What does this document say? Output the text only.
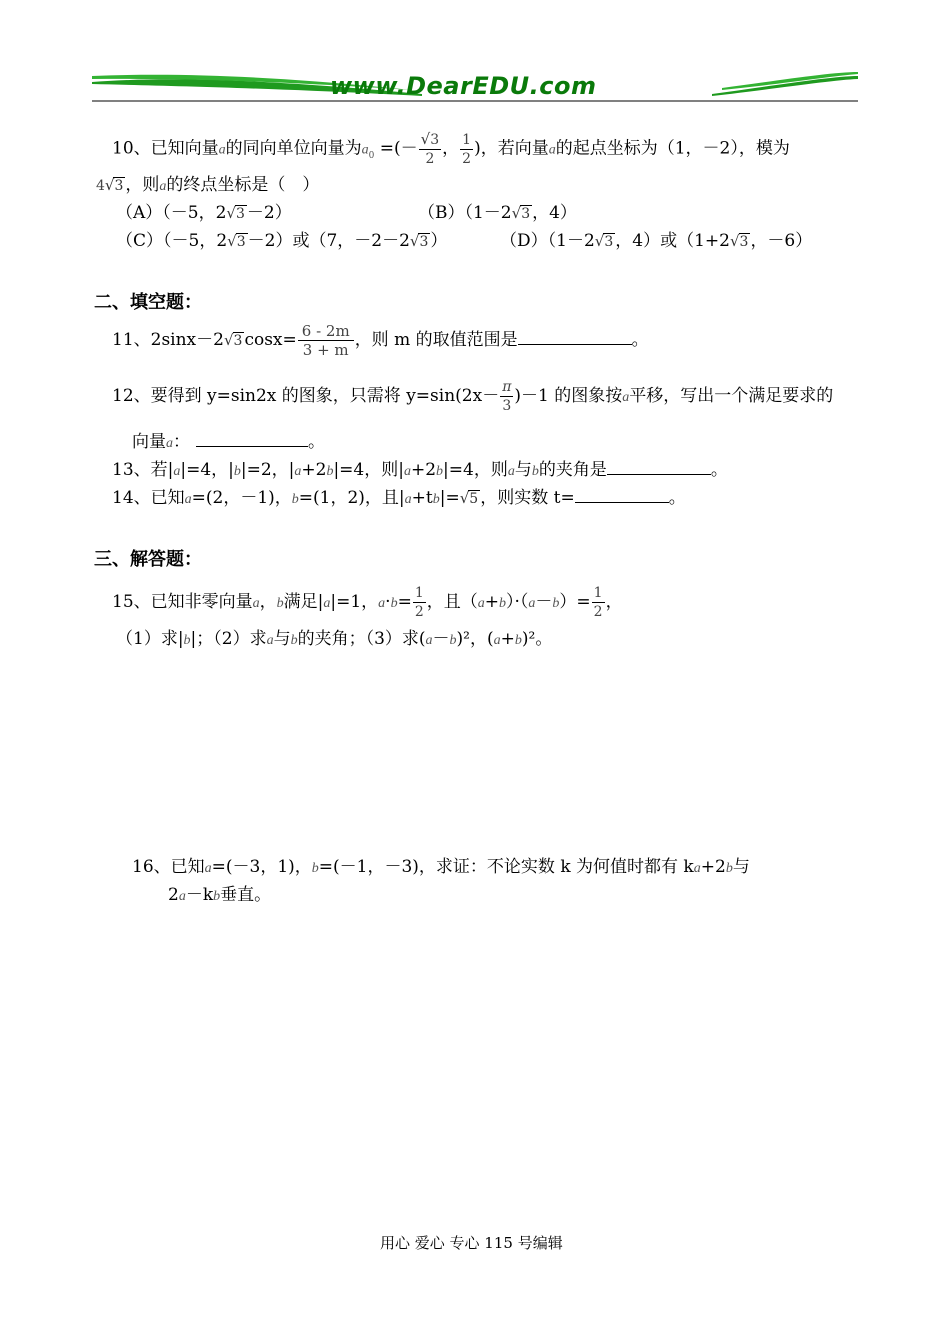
www.DearEDU.com
10、已知向量a的同向单位向量为$a_0$ =(－ $\frac{√3}{2}$ ， $\frac{1}{2}$ )，若向量a的起点坐标为（1，－2），模为
4√3 ，则a的终点坐标是（　）
（A）（－5，2√3 －2）	（B）（1－2√3 ，4）
（C）（－5，2√3 －2）或（7，－2－2√3 ）	（D）（1－2√3 ，4）或（1+2√3 ，－6）
二、填空题：
11、2sinx－2√3 $\cos x= \frac{6 - 2m}{3 + m}$ ，则 m 的取值范围是	。
12、要得到 y=sin2x 的图象，只需将 $y=\sin(2x- \frac{\pi}{3} )-1$ 的图象按a平移，写出一个满足要求的
向量a：	。
13、若|a|=4，|b|=2，|a+2b|=4，则|a+2b|=4，则a与b的夹角是	。
14、已知a=(2，－1)，b=(1，2)，且|a+tb|=√5 ，则实数 t=	。
三、解答题：
15、已知非零向量a，b满足|a|=1，$a\cdot b= \frac{1}{2}$ ，且$(a+b)\cdot(a-b)= \frac{1}{2}$ ，
（1）求|b|；（2）求a与b的夹角；（3）求(a－b)²，(a+b)²。
16、已知a=(－3，1)，b=(－1，－3)，求证：不论实数 k 为何值时都有 ka+2b与
2a－kb垂直。
用心 爱心 专心 115 号编辑
